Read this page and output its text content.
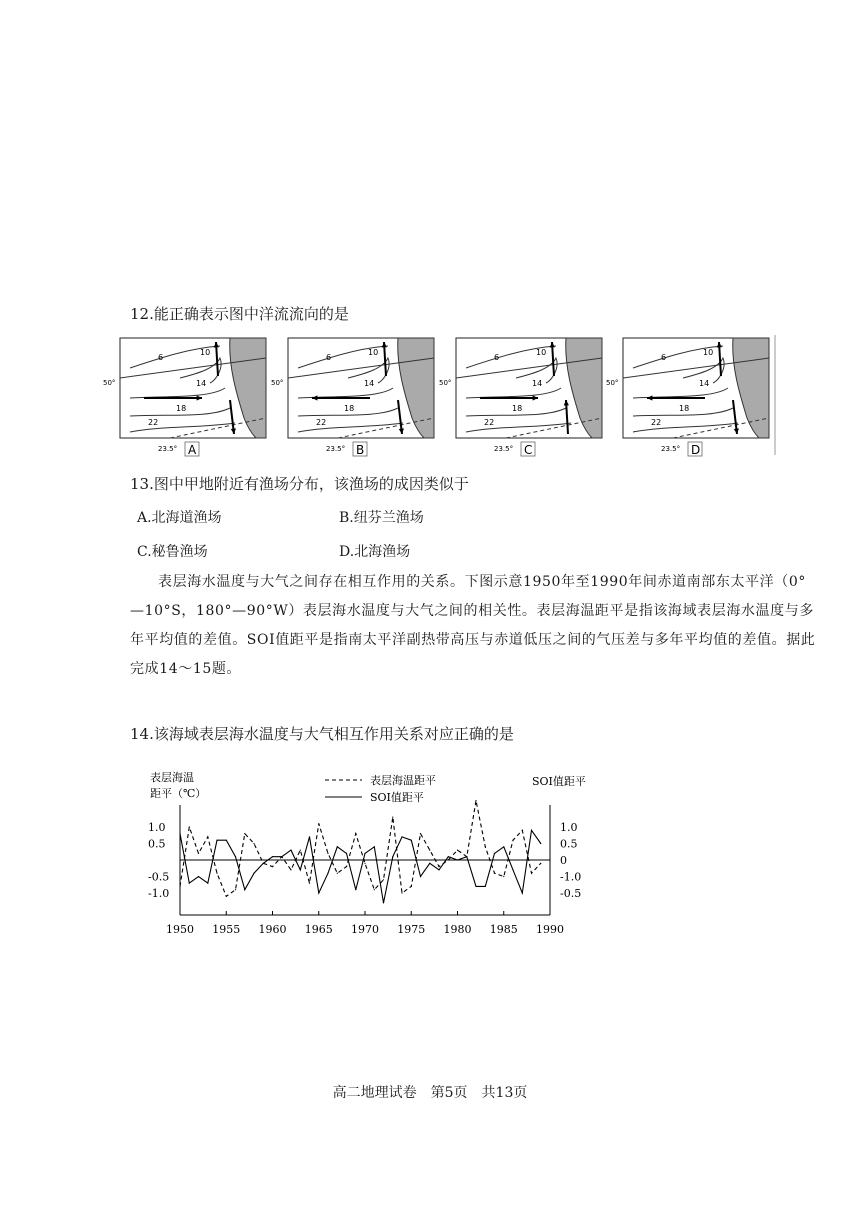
12.能正确表示图中洋流流向的是
6
10
14
18
22
50°
23.5° A
6
10
14
18
22
50°
23.5° B
6
10
14
18
22
50°
23.5° C
6
10
14
18
22
50°
23.5° D
13.图中甲地附近有渔场分布，该渔场的成因类似于
A.北海道渔场	B.纽芬兰渔场
C.秘鲁渔场	D.北海渔场
表层海水温度与大气之间存在相互作用的关系。下图示意1950年至1990年间赤道南部东太平洋（0°—10°S，180°—90°W）表层海水温度与大气之间的相关性。表层海温距平是指该海域表层海水温度与多年平均值的差值。SOI值距平是指南太平洋副热带高压与赤道低压之间的气压差与多年平均值的差值。据此完成14～15题。
14.该海域表层海水温度与大气相互作用关系对应正确的是
表层海温
距平（℃）
SOI值距平
表层海温距平
SOI值距平
1.0
0.5
-0.5
-1.0
1.0
0.5
0
-1.0
-0.5
1950 1955 1960 1965 1970 1975 1980 1985 1990
高二地理试卷　第5页　共13页
